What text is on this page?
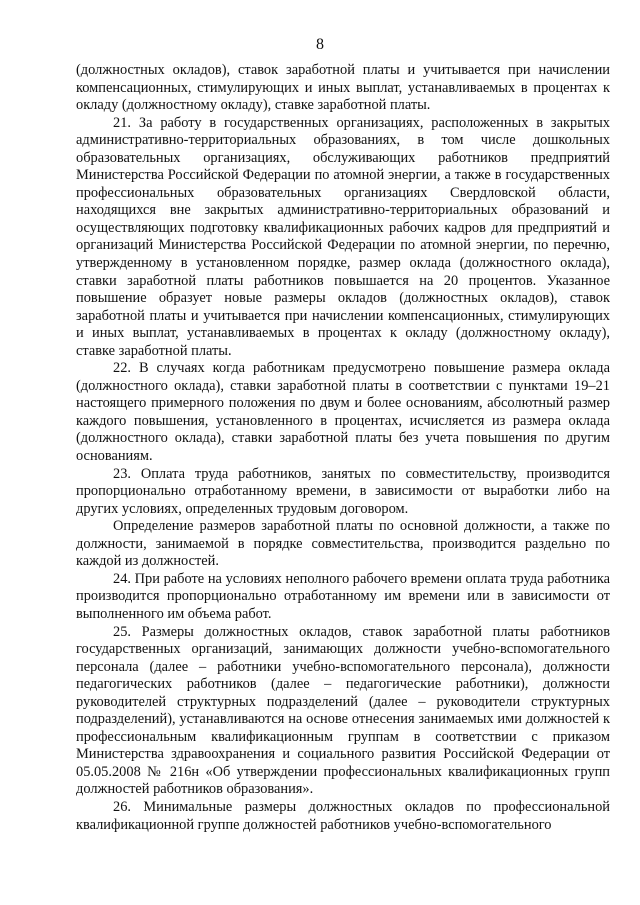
8

(должностных окладов), ставок заработной платы и учитывается при начислении компенсационных, стимулирующих и иных выплат, устанавливаемых в процентах к окладу (должностному окладу), ставке заработной платы.

21. За работу в государственных организациях, расположенных в закрытых административно-территориальных образованиях, в том числе дошкольных образовательных организациях, обслуживающих работников предприятий Министерства Российской Федерации по атомной энергии, а также в государственных профессиональных образовательных организациях Свердловской области, находящихся вне закрытых административно-территориальных образований и осуществляющих подготовку квалификационных рабочих кадров для предприятий и организаций Министерства Российской Федерации по атомной энергии, по перечню, утвержденному в установленном порядке, размер оклада (должностного оклада), ставки заработной платы работников повышается на 20 процентов. Указанное повышение образует новые размеры окладов (должностных окладов), ставок заработной платы и учитывается при начислении компенсационных, стимулирующих и иных выплат, устанавливаемых в процентах к окладу (должностному окладу), ставке заработной платы.

22. В случаях когда работникам предусмотрено повышение размера оклада (должностного оклада), ставки заработной платы в соответствии с пунктами 19–21 настоящего примерного положения по двум и более основаниям, абсолютный размер каждого повышения, установленного в процентах, исчисляется из размера оклада (должностного оклада), ставки заработной платы без учета повышения по другим основаниям.

23. Оплата труда работников, занятых по совместительству, производится пропорционально отработанному времени, в зависимости от выработки либо на других условиях, определенных трудовым договором.

Определение размеров заработной платы по основной должности, а также по должности, занимаемой в порядке совместительства, производится раздельно по каждой из должностей.

24. При работе на условиях неполного рабочего времени оплата труда работника производится пропорционально отработанному им времени или в зависимости от выполненного им объема работ.

25. Размеры должностных окладов, ставок заработной платы работников государственных организаций, занимающих должности учебно-вспомогательного персонала (далее – работники учебно-вспомогательного персонала), должности педагогических работников (далее – педагогические работники), должности руководителей структурных подразделений (далее – руководители структурных подразделений), устанавливаются на основе отнесения занимаемых ими должностей к профессиональным квалификационным группам в соответствии с приказом Министерства здравоохранения и социального развития Российской Федерации от 05.05.2008 № 216н «Об утверждении профессиональных квалификационных групп должностей работников образования».

26. Минимальные размеры должностных окладов по профессиональной квалификационной группе должностей работников учебно-вспомогательного
